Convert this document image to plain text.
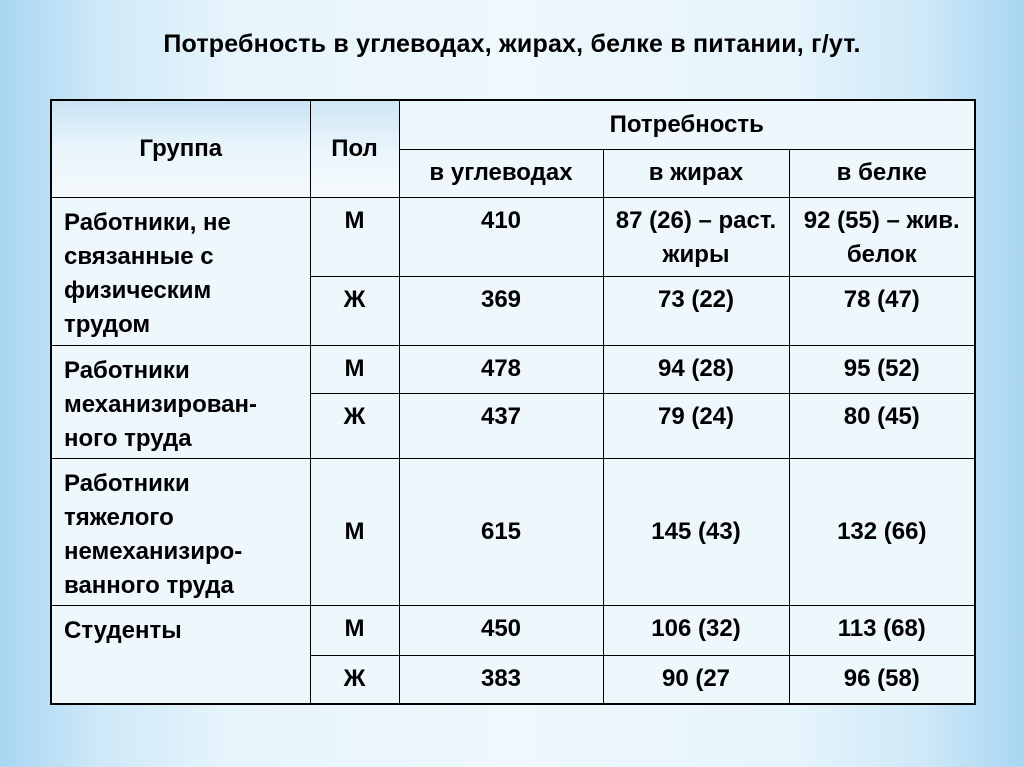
Потребность в углеводах, жирах, белке в питании, г/ут.
Группа	Пол	Потребность		
		в углеводах	в жирах	в белке
Работники, не связанные с физическим трудом	М	410	87 (26) – раст. жиры	92 (55) – жив. белок
	Ж	369	73 (22)	78 (47)
Работники механизирован-ного труда	М	478	94 (28)	95 (52)
	Ж	437	79 (24)	80 (45)
Работники тяжелого немеханизиро-ванного труда	М	615	145 (43)	132 (66)
Студенты	М	450	106 (32)	113 (68)
	Ж	383	90 (27	96 (58)
